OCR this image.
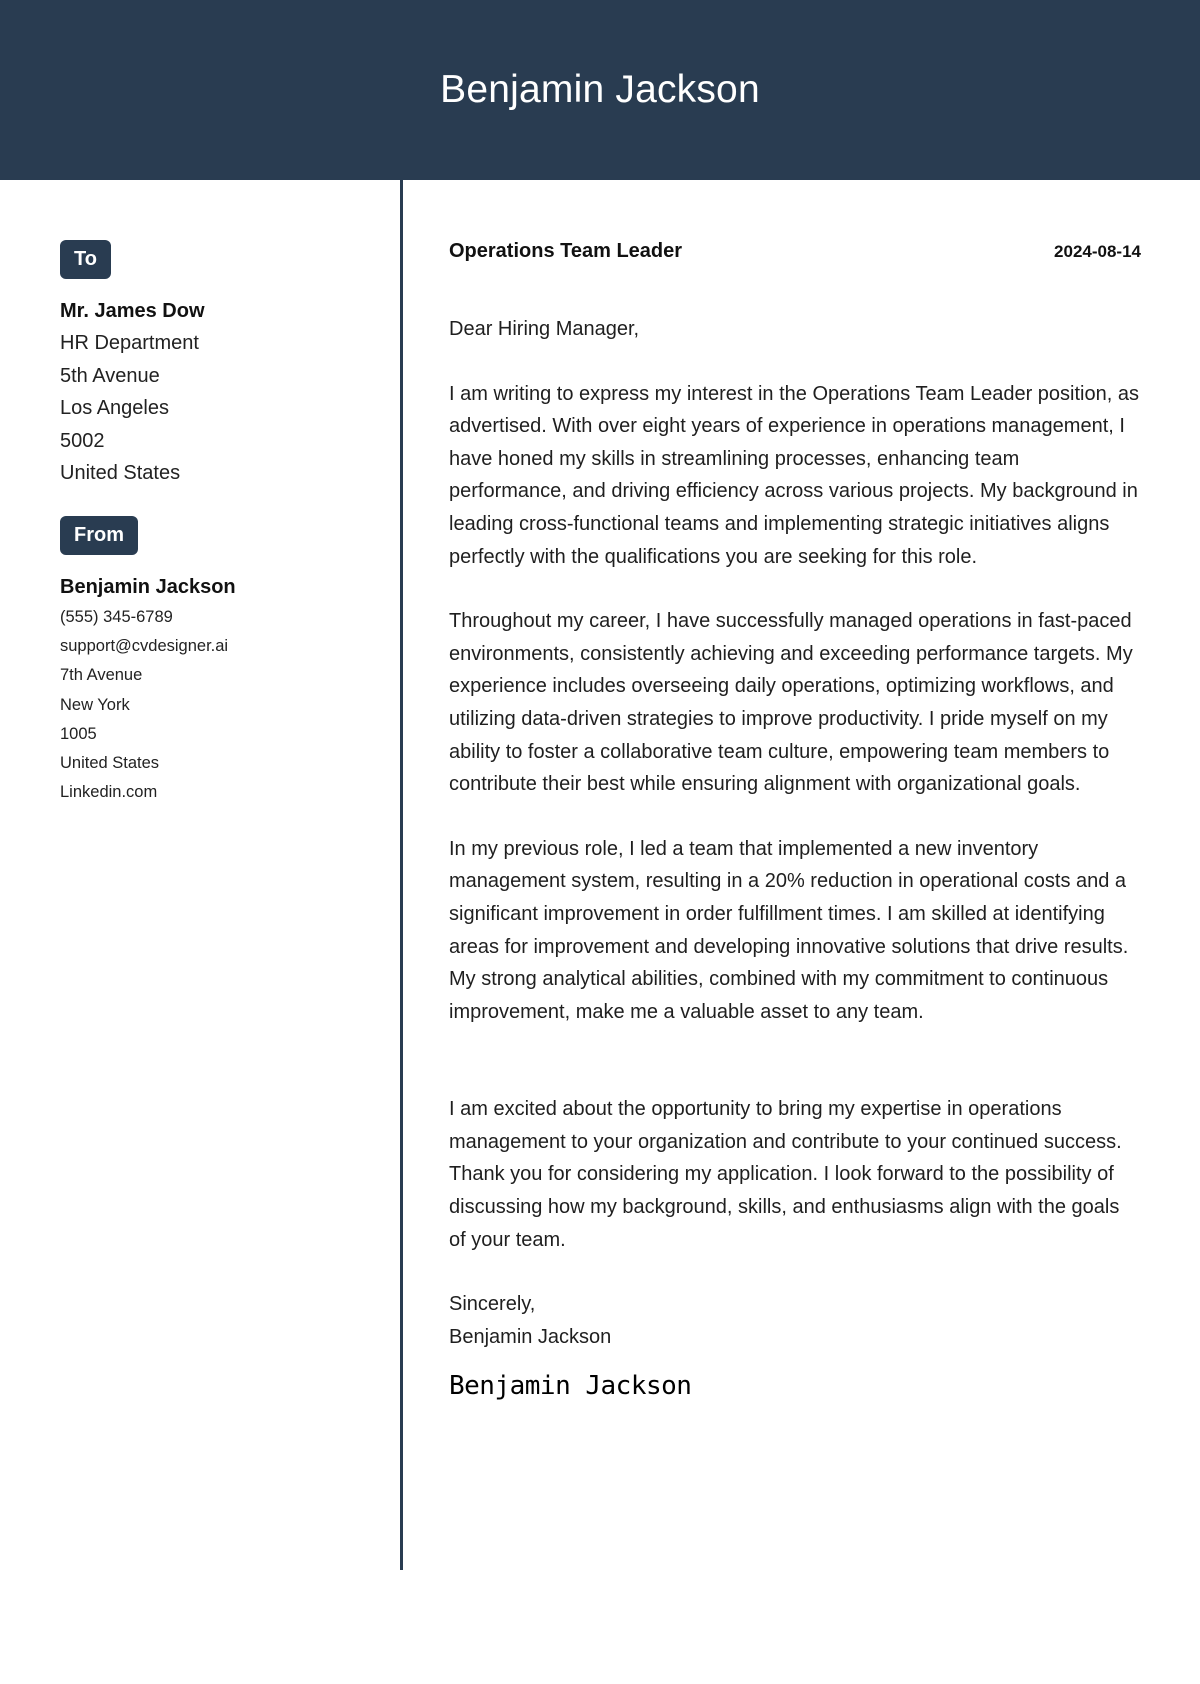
Benjamin Jackson
To
Mr. James Dow
HR Department
5th Avenue
Los Angeles
5002
United States
From
Benjamin Jackson
(555) 345-6789
support@cvdesigner.ai
7th Avenue
New York
1005
United States
Linkedin.com
Operations Team Leader	2024-08-14
Dear Hiring Manager,
I am writing to express my interest in the Operations Team Leader position, as advertised. With over eight years of experience in operations management, I have honed my skills in streamlining processes, enhancing team performance, and driving efficiency across various projects. My background in leading cross-functional teams and implementing strategic initiatives aligns perfectly with the qualifications you are seeking for this role.
Throughout my career, I have successfully managed operations in fast-paced environments, consistently achieving and exceeding performance targets. My experience includes overseeing daily operations, optimizing workflows, and utilizing data-driven strategies to improve productivity. I pride myself on my ability to foster a collaborative team culture, empowering team members to contribute their best while ensuring alignment with organizational goals.
In my previous role, I led a team that implemented a new inventory management system, resulting in a 20% reduction in operational costs and a significant improvement in order fulfillment times. I am skilled at identifying areas for improvement and developing innovative solutions that drive results. My strong analytical abilities, combined with my commitment to continuous improvement, make me a valuable asset to any team.
I am excited about the opportunity to bring my expertise in operations management to your organization and contribute to your continued success. Thank you for considering my application. I look forward to the possibility of discussing how my background, skills, and enthusiasms align with the goals of your team.
Sincerely,
Benjamin Jackson
Benjamin Jackson
